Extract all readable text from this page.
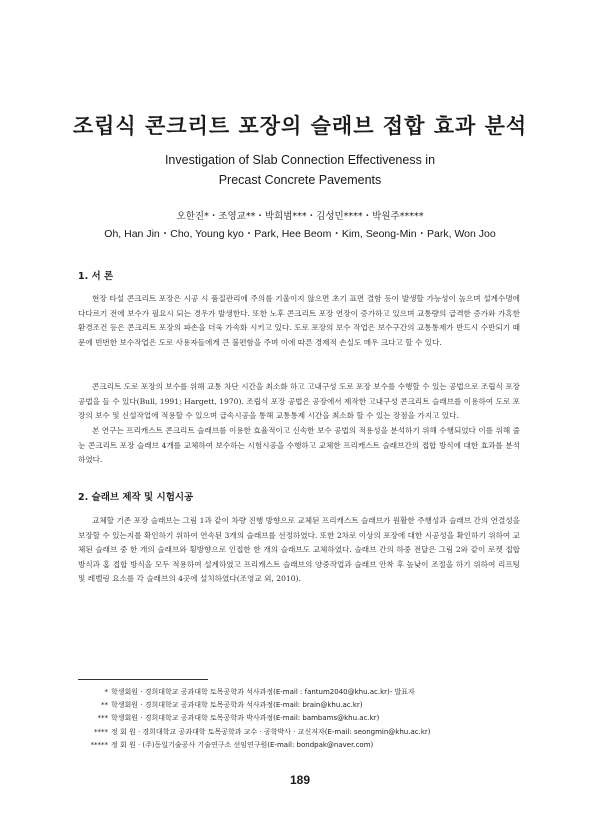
조립식 콘크리트 포장의 슬래브 접합 효과 분석
Investigation of Slab Connection Effectiveness in
Precast Concrete Pavements
오한진*・조영교**・박희범***・김성민****・박원주*****
Oh, Han Jin・Cho, Young kyo・Park, Hee Beom・Kim, Seong-Min・Park, Won Joo
1. 서 론

현장 타설 콘크리트 포장은 시공 시 품질관리에 주의를 기울이지 않으면 초기 표면 결함 등이 발생할 가능성이 높으며 설계수명에 다다르기 전에 보수가 필요시 되는 경우가 발생한다. 또한 노후 콘크리트 포장 연장이 증가하고 있으며 교통량의 급격한 증가와 가혹한 환경조건 등은 콘크리트 포장의 파손을 더욱 가속화 시키고 있다. 도로 포장의 보수 작업은 보수구간의 교통통제가 반드시 수반되기 때문에 빈번한 보수작업은 도로 사용자들에게 큰 불편함을 주며 이에 따른 경제적 손실도 매우 크다고 할 수 있다.

콘크리트 도로 포장의 보수를 위해 교통 차단 시간을 최소화 하고 고내구성 도로 포장 보수를 수행할 수 있는 공법으로 조립식 포장 공법을 들 수 있다(Bull, 1991; Hargett, 1970). 조립식 포장 공법은 공장에서 제작한 고내구성 콘크리트 슬래브를 이용하여 도로 포장의 보수 및 신설작업에 적용할 수 있으며 급속시공을 통해 교통통제 시간을 최소화 할 수 있는 장점을 가지고 있다.

본 연구는 프리캐스트 콘크리트 슬래브를 이용한 효율적이고 신속한 보수 공법의 적용성을 분석하기 위해 수행되었다 이를 위해 줄눈 콘크리트 포장 슬래브 4개를 교체하여 보수하는 시험시공을 수행하고 교체한 프리캐스트 슬래브간의 접합 방식에 대한 효과를 분석하였다.

2. 슬래브 제작 및 시험시공

교체할 기존 포장 슬래브는 그림 1과 같이 차량 진행 방향으로 교체된 프리캐스트 슬래브가 원활한 주행성과 슬래브 간의 연결성을 보장할 수 있는지를 확인하기 위하여 연속된 3개의 슬래브를 선정하였다. 또한 2차로 이상의 포장에 대한 시공성을 확인하기 위하여 교체된 슬래브 중 한 개의 슬래브와 횡방향으로 인접한 한 개의 슬래브도 교체하였다. 슬래브 간의 하중 전달은 그림 2와 같이 로켓 접합 방식과 홈 접합 방식을 모두 적용하여 설계하였고 프리캐스트 슬래브의 양중작업과 슬래브 안착 후 높낮이 조절을 하기 위하여 리프팅 및 레벨링 요소를 각 슬래브의 4곳에 설치하였다(조영교 외, 2010).

* 학생회원 · 경희대학교 공과대학 토목공학과 석사과정(E-mail : fantum2040@khu.ac.kr)- 발표자
** 학생회원 · 경희대학교 공과대학 토목공학과 석사과정(E-mail: brain@khu.ac.kr)
*** 학생회원 · 경희대학교 공과대학 토목공학과 박사과정(E-mail: bambams@khu.ac.kr)
**** 정 회 원 · 경희대학교 공과대학 토목공학과 교수 · 공학박사 · 교신저자(E-mail: seongmin@khu.ac.kr)
***** 정 회 원 · (주)동일기술공사 기술연구소 선임연구원(E-mail: bondpak@naver.com)
189
